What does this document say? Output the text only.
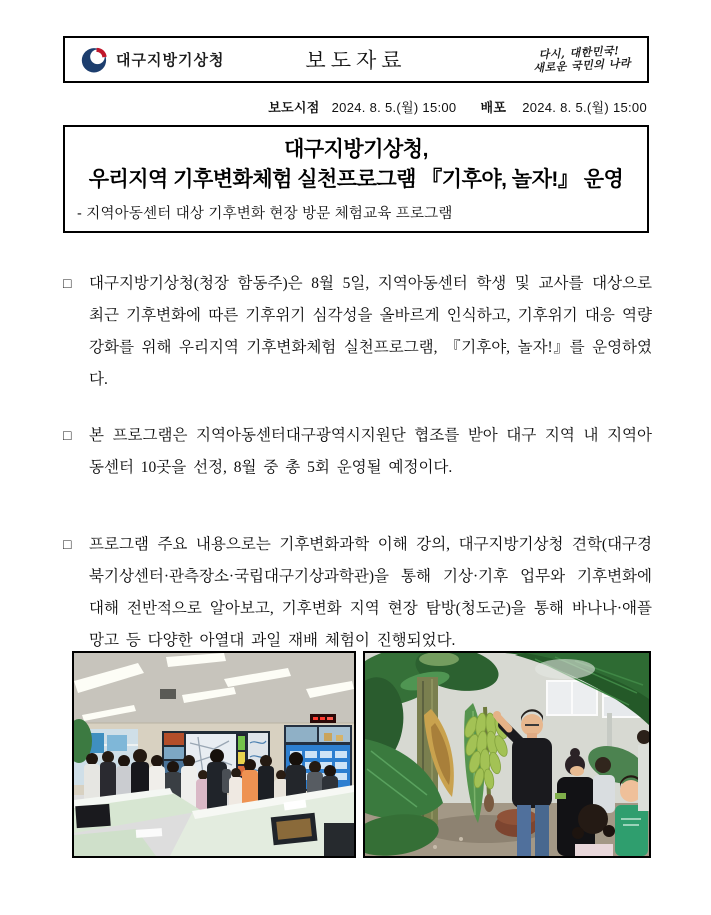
대구지방기상청	보도자료	다시, 대한민국!
새로운 국민의 나라
보도시점 2024. 8. 5.(월) 15:00 배포 2024. 8. 5.(월) 15:00
대구지방기상청,
우리지역 기후변화체험 실천프로그램 『기후야, 놀자!』 운영
- 지역아동센터 대상 기후변화 현장 방문 체험교육 프로그램
□	대구지방기상청(청장 함동주)은 8월 5일, 지역아동센터 학생 및 교사를 대상으로 최근 기후변화에 따른 기후위기 심각성을 올바르게 인식하고, 기후위기 대응 역량 강화를 위해 우리지역 기후변화체험 실천프로그램, 『기후야, 놀자!』를 운영하였다.
□	본 프로그램은 지역아동센터대구광역시지원단 협조를 받아 대구 지역 내 지역아동센터 10곳을 선정, 8월 중 총 5회 운영될 예정이다.
□	프로그램 주요 내용으로는 기후변화과학 이해 강의, 대구지방기상청 견학(대구경북기상센터·관측장소·국립대구기상과학관)을 통해 기상·기후 업무와 기후변화에 대해 전반적으로 알아보고, 기후변화 지역 현장 탐방(청도군)을 통해 바나나·애플망고 등 다양한 아열대 과일 재배 체험이 진행되었다.
